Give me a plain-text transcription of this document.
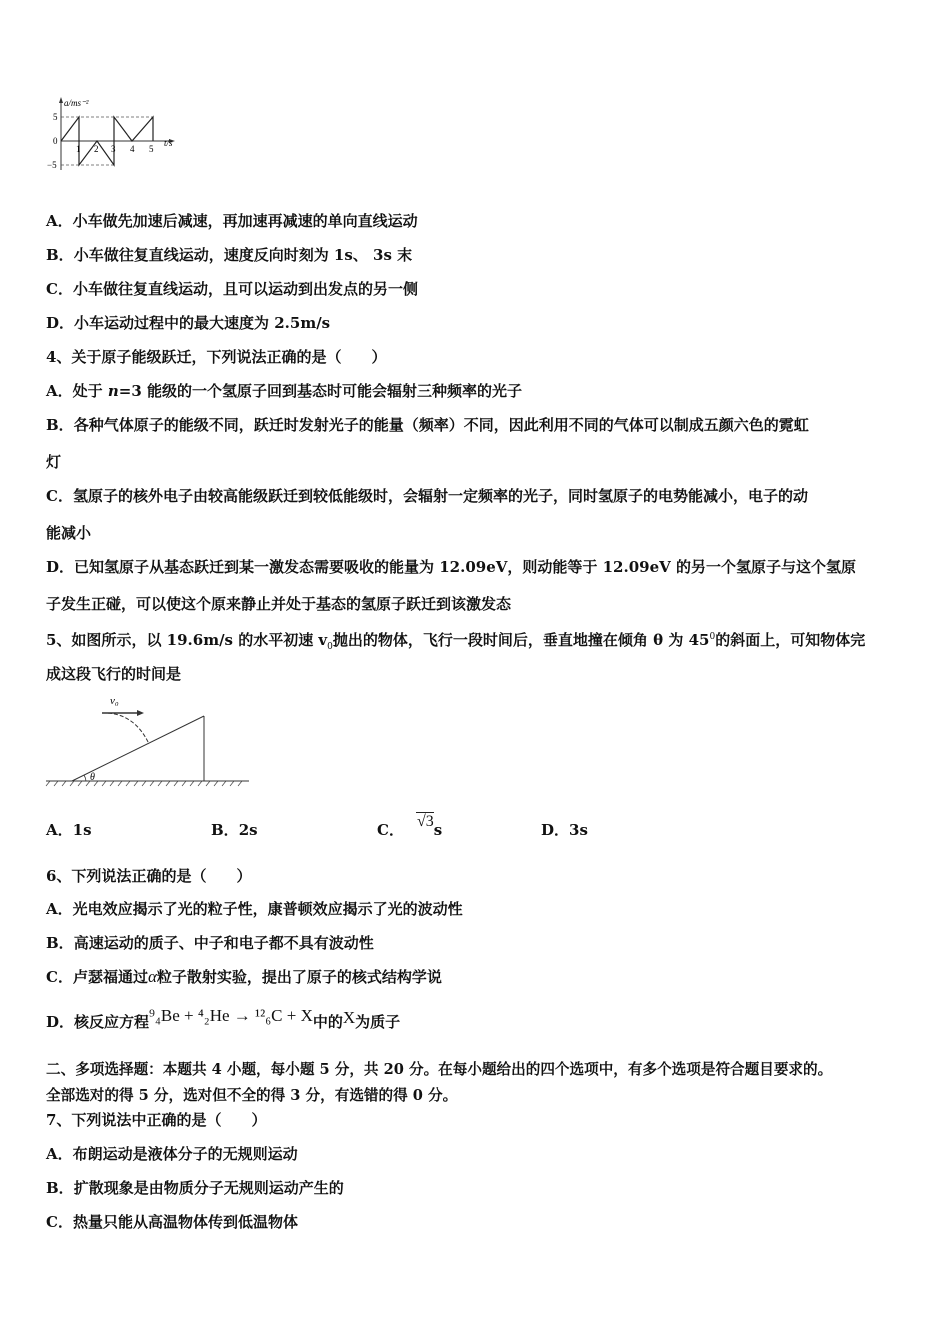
a/ms⁻²
t/s
5
0
−5
1 2 3 4 5
A．小车做先加速后减速，再加速再减速的单向直线运动
B．小车做往复直线运动，速度反向时刻为 1s、 3s 末
C．小车做往复直线运动，且可以运动到出发点的另一侧
D．小车运动过程中的最大速度为 2.5m/s
4、关于原子能级跃迁，下列说法正确的是（　　）
A．处于 n=3 能级的一个氢原子回到基态时可能会辐射三种频率的光子
B．各种气体原子的能级不同，跃迁时发射光子的能量（频率）不同，因此利用不同的气体可以制成五颜六色的霓虹
灯
C．氢原子的核外电子由较高能级跃迁到较低能级时，会辐射一定频率的光子，同时氢原子的电势能减小，电子的动
能减小
D．已知氢原子从基态跃迁到某一激发态需要吸收的能量为 12.09eV，则动能等于 12.09eV 的另一个氢原子与这个氢原
子发生正碰，可以使这个原来静止并处于基态的氢原子跃迁到该激发态
5、如图所示，以 19.6m/s 的水平初速 $v_0$抛出的物体，飞行一段时间后，垂直地撞在倾角 θ 为 $45^0$的斜面上，可知物体完
成这段飞行的时间是
v₀
θ
A．1s	B．2s	C． √3s	D．3s
6、下列说法正确的是（　　）
A．光电效应揭示了光的粒子性，康普顿效应揭示了光的波动性
B．高速运动的质子、中子和电子都不具有波动性
C．卢瑟福通过α粒子散射实验，提出了原子的核式结构学说
D．核反应方程⁹₄Be + ⁴₂He → ¹²₆C + X中的X为质子
二、多项选择题：本题共 4 小题，每小题 5 分，共 20 分。在每小题给出的四个选项中，有多个选项是符合题目要求的。
全部选对的得 5 分，选对但不全的得 3 分，有选错的得 0 分。
7、下列说法中正确的是（　　）
A．布朗运动是液体分子的无规则运动
B．扩散现象是由物质分子无规则运动产生的
C．热量只能从高温物体传到低温物体
